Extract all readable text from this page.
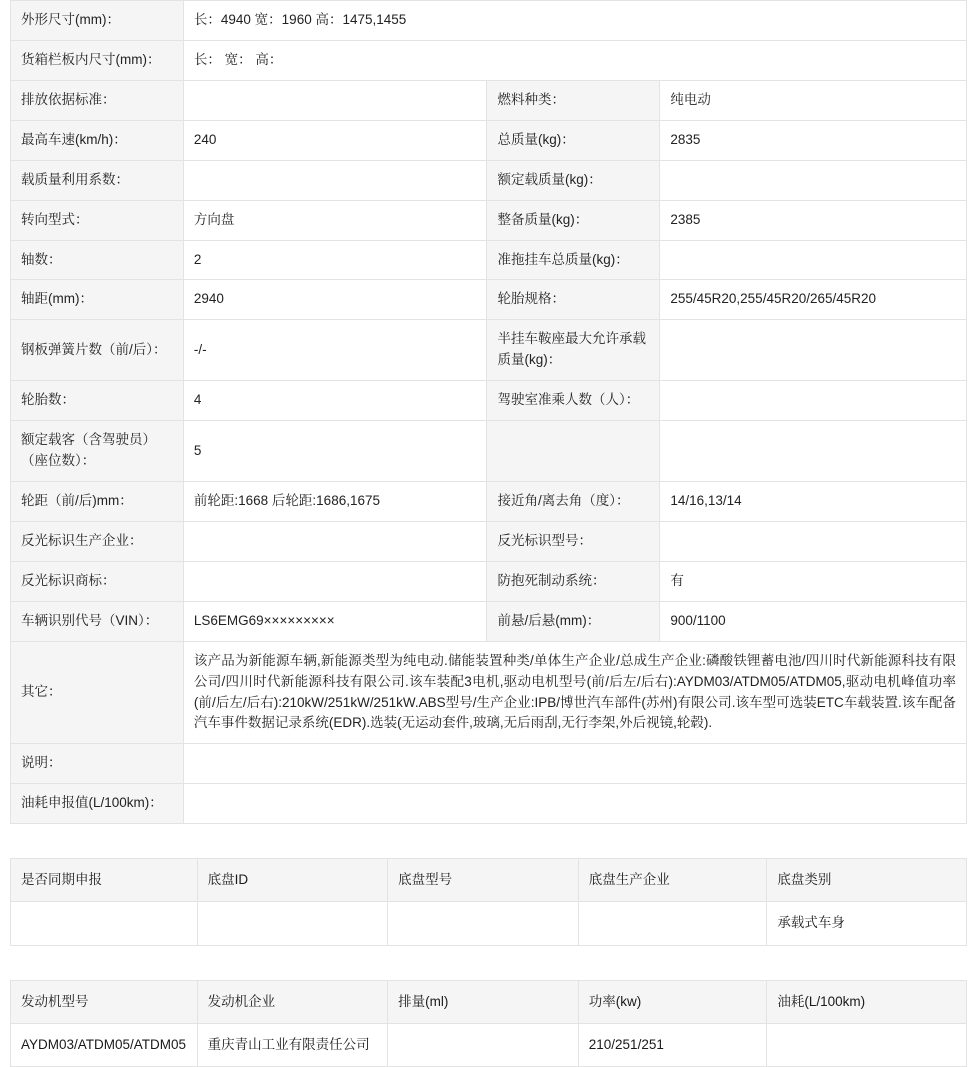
外形尺寸(mm)：	长：4940 宽：1960 高：1475,1455		
货箱栏板内尺寸(mm)：	长： 宽： 高：		
排放依据标准：		燃料种类：	纯电动
最高车速(km/h)：	240	总质量(kg)：	2835
载质量利用系数：		额定载质量(kg)：	
转向型式：	方向盘	整备质量(kg)：	2385
轴数：	2	准拖挂车总质量(kg)：	
轴距(mm)：	2940	轮胎规格：	255/45R20,255/45R20/265/45R20
钢板弹簧片数（前/后）：	-/-	半挂车鞍座最大允许承载质量(kg)：	
轮胎数：	4	驾驶室准乘人数（人）：	
额定载客（含驾驶员）（座位数）：	5		
轮距（前/后)mm：	前轮距:1668 后轮距:1686,1675	接近角/离去角（度）：	14/16,13/14
反光标识生产企业：		反光标识型号：	
反光标识商标：		防抱死制动系统：	有
车辆识别代号（VIN）：	LS6EMG69×××××××××	前悬/后悬(mm)：	900/1100
其它：	该产品为新能源车辆,新能源类型为纯电动.储能装置种类/单体生产企业/总成生产企业:磷酸铁锂蓄电池/四川时代新能源科技有限公司/四川时代新能源科技有限公司.该车装配3电机,驱动电机型号(前/后左/后右):AYDM03/ATDM05/ATDM05,驱动电机峰值功率(前/后左/后右):210kW/251kW/251kW.ABS型号/生产企业:IPB/博世汽车部件(苏州)有限公司.该车型可选装ETC车载装置.该车配备汽车事件数据记录系统(EDR).选装(无运动套件,玻璃,无后雨刮,无行李架,外后视镜,轮毂).		
说明：			
油耗申报值(L/100km)：			
是否同期申报	底盘ID	底盘型号	底盘生产企业	底盘类别
				承载式车身
发动机型号	发动机企业	排量(ml)	功率(kw)	油耗(L/100km)
AYDM03/ATDM05/ATDM05	重庆青山工业有限责任公司		210/251/251	
